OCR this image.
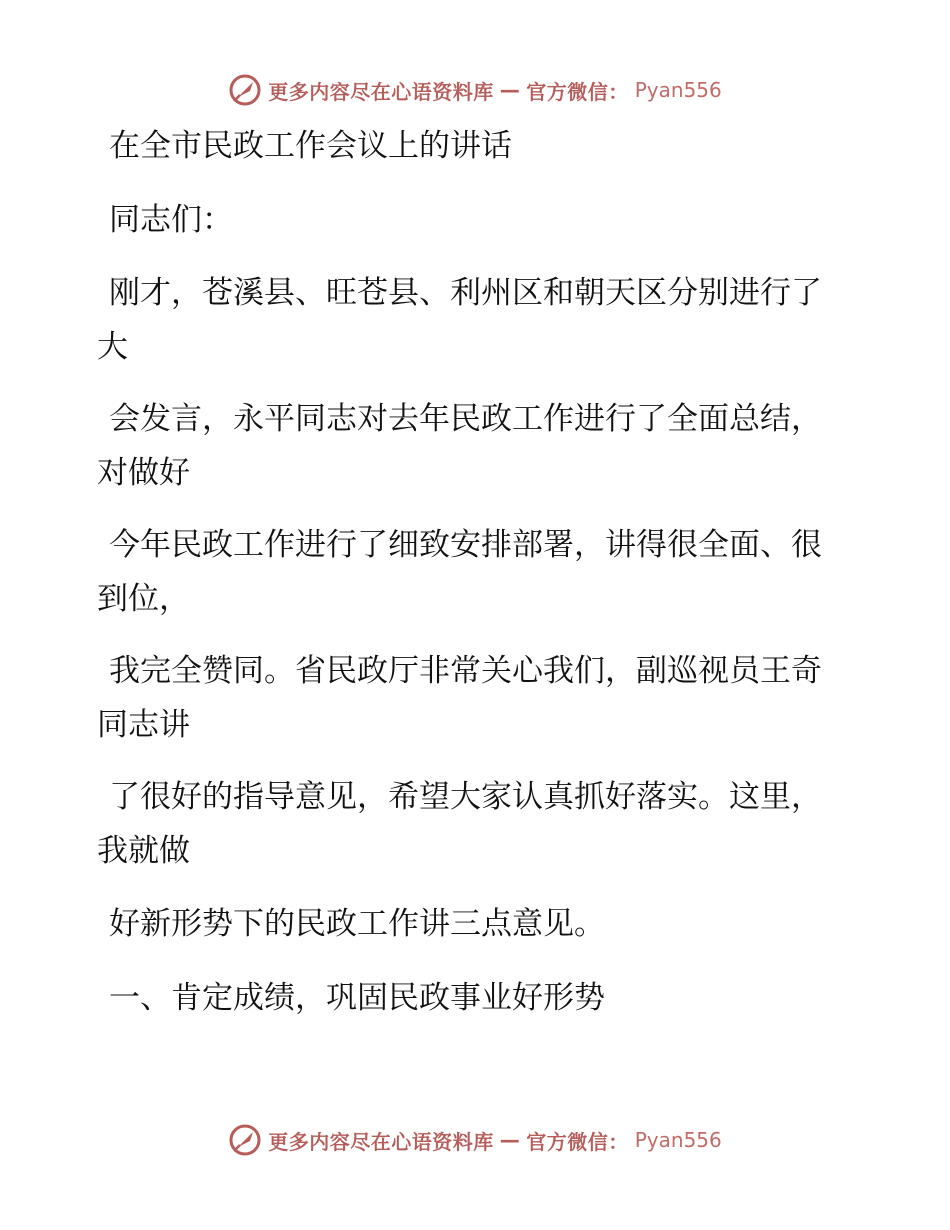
更多内容尽在心语资料库 — 官方微信： Pyan556

在全市民政工作会议上的讲话

同志们：

刚才，苍溪县、旺苍县、利州区和朝天区分别进行了大

会发言，永平同志对去年民政工作进行了全面总结，对做好

今年民政工作进行了细致安排部署，讲得很全面、很到位，

我完全赞同。省民政厅非常关心我们，副巡视员王奇同志讲

了很好的指导意见，希望大家认真抓好落实。这里，我就做

好新形势下的民政工作讲三点意见。

一、肯定成绩，巩固民政事业好形势

更多内容尽在心语资料库 — 官方微信： Pyan556
